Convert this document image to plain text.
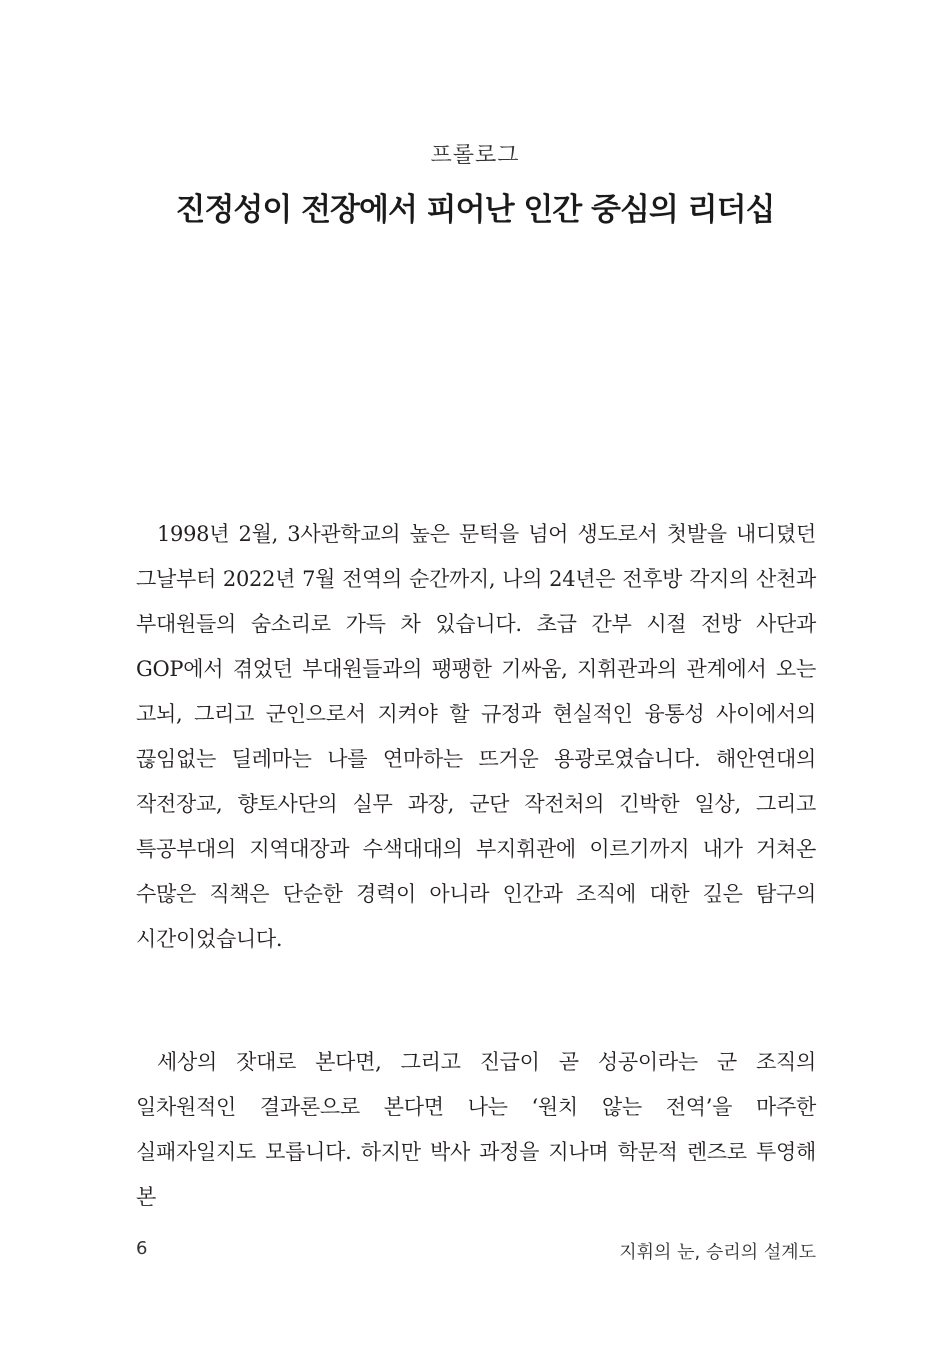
프롤로그
진정성이 전장에서 피어난 인간 중심의 리더십

1998년 2월, 3사관학교의 높은 문턱을 넘어 생도로서 첫발을 내디뎠던 그날부터 2022년 7월 전역의 순간까지, 나의 24년은 전후방 각지의 산천과 부대원들의 숨소리로 가득 차 있습니다. 초급 간부 시절 전방 사단과 GOP에서 겪었던 부대원들과의 팽팽한 기싸움, 지휘관과의 관계에서 오는 고뇌, 그리고 군인으로서 지켜야 할 규정과 현실적인 융통성 사이에서의 끊임없는 딜레마는 나를 연마하는 뜨거운 용광로였습니다. 해안연대의 작전장교, 향토사단의 실무 과장, 군단 작전처의 긴박한 일상, 그리고 특공부대의 지역대장과 수색대대의 부지휘관에 이르기까지 내가 거쳐온 수많은 직책은 단순한 경력이 아니라 인간과 조직에 대한 깊은 탐구의 시간이었습니다.

세상의 잣대로 본다면, 그리고 진급이 곧 성공이라는 군 조직의 일차원적인 결과론으로 본다면 나는 ‘원치 않는 전역’을 마주한 실패자일지도 모릅니다. 하지만 박사 과정을 지나며 학문적 렌즈로 투영해 본

6	지휘의 눈, 승리의 설계도
